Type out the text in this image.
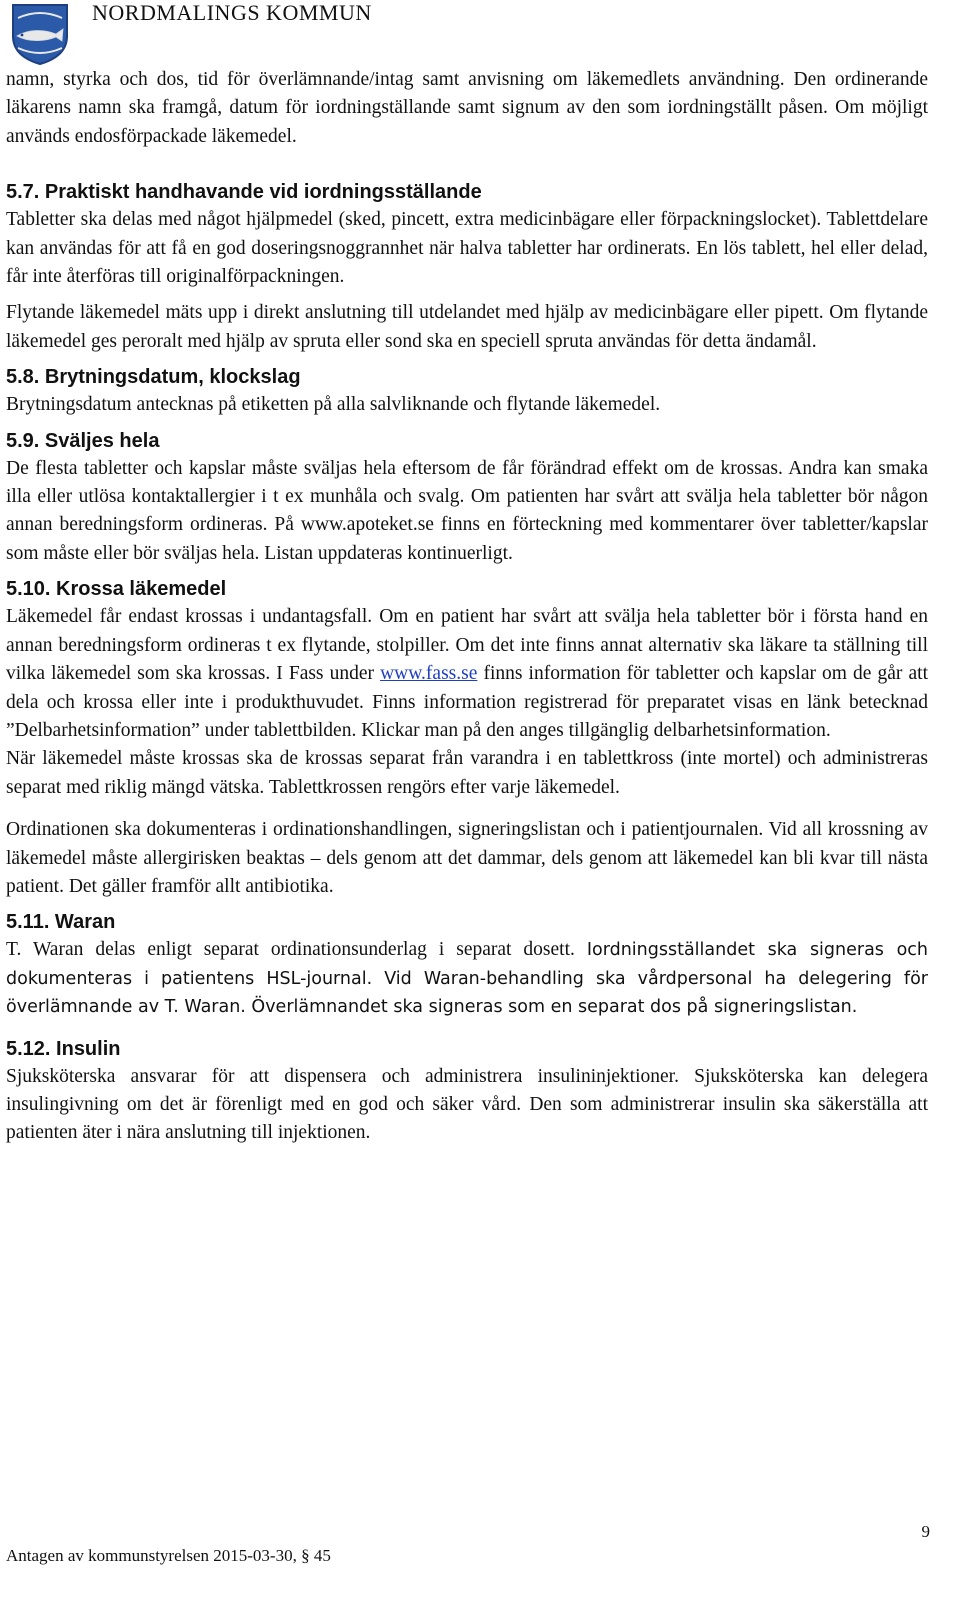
NORDMALINGS KOMMUN

namn, styrka och dos, tid för överlämnande/intag samt anvisning om läkemedlets användning. Den ordinerande läkarens namn ska framgå, datum för iordningställande samt signum av den som iordningställt påsen. Om möjligt används endosförpackade läkemedel.

5.7. Praktiskt handhavande vid iordningsställande

Tabletter ska delas med något hjälpmedel (sked, pincett, extra medicinbägare eller förpackningslocket). Tablettdelare kan användas för att få en god doseringsnoggrannhet när halva tabletter har ordinerats. En lös tablett, hel eller delad, får inte återföras till originalförpackningen.

Flytande läkemedel mäts upp i direkt anslutning till utdelandet med hjälp av medicinbägare eller pipett. Om flytande läkemedel ges peroralt med hjälp av spruta eller sond ska en speciell spruta användas för detta ändamål.

5.8. Brytningsdatum, klockslag

Brytningsdatum antecknas på etiketten på alla salvliknande och flytande läkemedel.

5.9. Sväljes hela

De flesta tabletter och kapslar måste sväljas hela eftersom de får förändrad effekt om de krossas. Andra kan smaka illa eller utlösa kontaktallergier i t ex munhåla och svalg. Om patienten har svårt att svälja hela tabletter bör någon annan beredningsform ordineras. På www.apoteket.se finns en förteckning med kommentarer över tabletter/kapslar som måste eller bör sväljas hela. Listan uppdateras kontinuerligt.

5.10. Krossa läkemedel

Läkemedel får endast krossas i undantagsfall. Om en patient har svårt att svälja hela tabletter bör i första hand en annan beredningsform ordineras t ex flytande, stolpiller. Om det inte finns annat alternativ ska läkare ta ställning till vilka läkemedel som ska krossas. I Fass under www.fass.se finns information för tabletter och kapslar om de går att dela och krossa eller inte i produkthuvudet. Finns information registrerad för preparatet visas en länk betecknad ”Delbarhetsinformation” under tablettbilden. Klickar man på den anges tillgänglig delbarhetsinformation.

När läkemedel måste krossas ska de krossas separat från varandra i en tablettkross (inte mortel) och administreras separat med riklig mängd vätska. Tablettkrossen rengörs efter varje läkemedel.

Ordinationen ska dokumenteras i ordinationshandlingen, signeringslistan och i patientjournalen. Vid all krossning av läkemedel måste allergirisken beaktas – dels genom att det dammar, dels genom att läkemedel kan bli kvar till nästa patient. Det gäller framför allt antibiotika.

5.11. Waran

T. Waran delas enligt separat ordinationsunderlag i separat dosett. Iordningsställandet ska signeras och dokumenteras i patientens HSL-journal. Vid Waran-behandling ska vårdpersonal ha delegering för överlämnande av T. Waran. Överlämnandet ska signeras som en separat dos på signeringslistan.

5.12. Insulin

Sjuksköterska ansvarar för att dispensera och administrera insulininjektioner. Sjuksköterska kan delegera insulingivning om det är förenligt med en god och säker vård. Den som administrerar insulin ska säkerställa att patienten äter i nära anslutning till injektionen.

9
Antagen av kommunstyrelsen 2015-03-30, § 45
